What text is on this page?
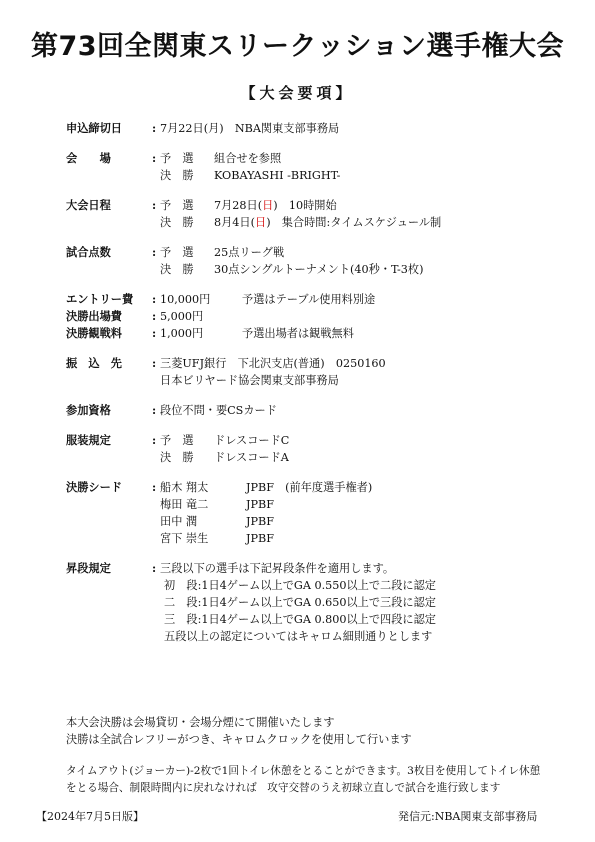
第73回全関東スリークッション選手権大会
【大会要項】
申込締切日	: 7月22日(月)　NBA関東支部事務局
会　　場	: 予　選 組合せを参照
決　勝 KOBAYASHI -BRIGHT-
大会日程	: 予　選 7月28日(日)　10時開始
決　勝 8月4日(日)　集合時間:タイムスケジュール制
試合点数	: 予　選 25点リーグ戦
決　勝 30点シングルトーナメント(40秒・T-3枚)
エントリー費	: 10,000円	予選はテーブル使用料別途
決勝出場費	: 5,000円
決勝観戦料	: 1,000円	予選出場者は観戦無料
振　込　先	: 三菱UFJ銀行　下北沢支店(普通)　0250160
日本ビリヤード協会関東支部事務局
参加資格	: 段位不問・要CSカード
服装規定	: 予　選 ドレスコードC
決　勝 ドレスコードA
決勝シード	: 船木 翔太	JPBF　(前年度選手権者)
梅田 竜二	JPBF
田中 潤	JPBF
宮下 崇生	JPBF
昇段規定	: 三段以下の選手は下記昇段条件を適用します。
初　段:1日4ゲーム以上でGA 0.550以上で二段に認定
二　段:1日4ゲーム以上でGA 0.650以上で三段に認定
三　段:1日4ゲーム以上でGA 0.800以上で四段に認定
五段以上の認定についてはキャロム細則通りとします
本大会決勝は会場貸切・会場分煙にて開催いたします
決勝は全試合レフリーがつき、キャロムクロックを使用して行います
タイムアウト(ジョーカー)-2枚で1回トイレ休憩をとることができます。3枚目を使用してトイレ休憩
をとる場合、制限時間内に戻れなければ　攻守交替のうえ初球立直しで試合を進行致します
【2024年7月5日版】	発信元:NBA関東支部事務局
